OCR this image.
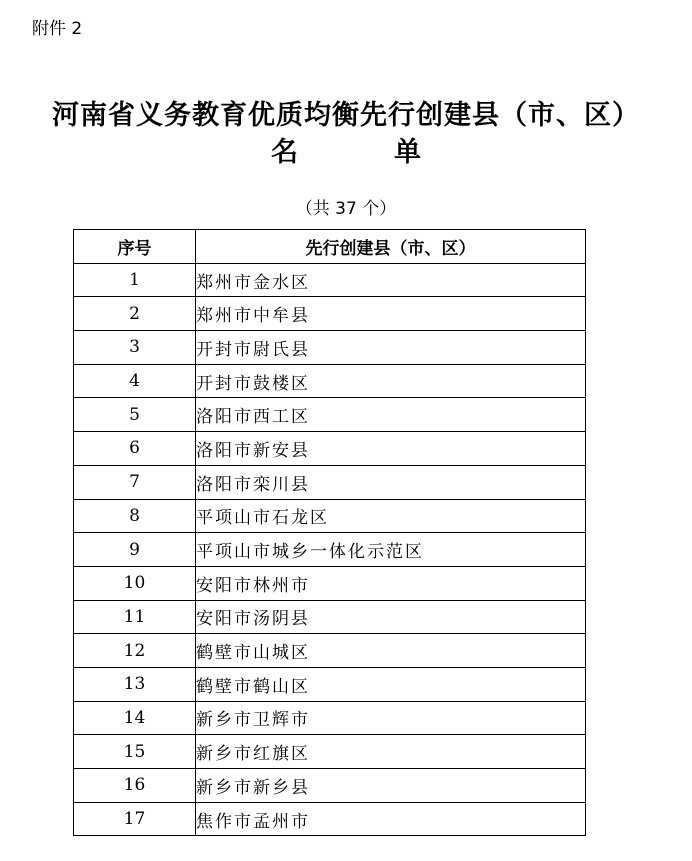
附件 2
河南省义务教育优质均衡先行创建县（市、区）
名	单
（共 37 个）
序号	先行创建县（市、区）
1	郑州市金水区
2	郑州市中牟县
3	开封市尉氏县
4	开封市鼓楼区
5	洛阳市西工区
6	洛阳市新安县
7	洛阳市栾川县
8	平项山市石龙区
9	平项山市城乡一体化示范区
10	安阳市林州市
11	安阳市汤阴县
12	鹤壁市山城区
13	鹤壁市鹤山区
14	新乡市卫辉市
15	新乡市红旗区
16	新乡市新乡县
17	焦作市孟州市
